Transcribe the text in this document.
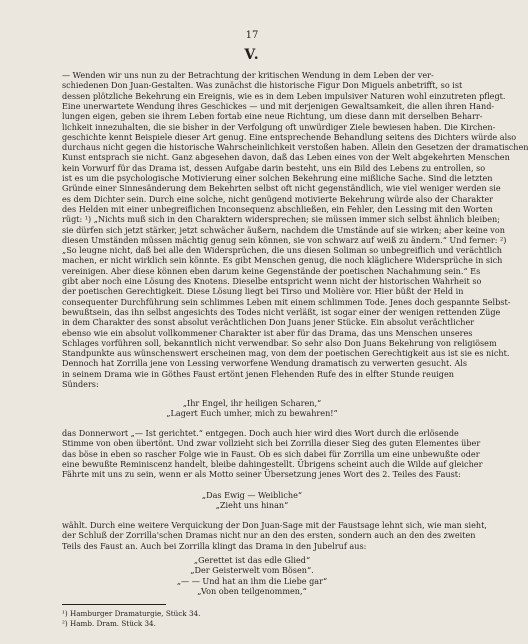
17
V.
— Wenden wir uns nun zu der Betrachtung der kritischen Wendung in dem Leben der ver-
schiedenen Don Juan-Gestalten. Was zunächst die historische Figur Don Miguels anbetrifft, so ist
dessen plötzliche Bekehrung ein Ereignis, wie es in dem Leben impulsiver Naturen wohl einzutreten pflegt.
Eine unerwartete Wendung ihres Geschickes — und mit derjenigen Gewaltsamkeit, die allen ihren Hand-
lungen eigen, geben sie ihrem Leben fortab eine neue Richtung, um diese dann mit derselben Beharr-
lichkeit innezuhalten, die sie bisher in der Verfolgung oft unwürdiger Ziele bewiesen haben. Die Kirchen-
geschichte kennt Beispiele dieser Art genug. Eine entsprechende Behandlung seitens des Dichters würde also
durchaus nicht gegen die historische Wahrscheinlichkeit verstoßen haben. Allein den Gesetzen der dramatischen
Kunst entsprach sie nicht. Ganz abgesehen davon, daß das Leben eines von der Welt abgekehrten Menschen
kein Vorwurf für das Drama ist, dessen Aufgabe darin besteht, uns ein Bild des Lebens zu entrollen, so
ist es um die psychologische Motivierung einer solchen Bekehrung eine mißliche Sache. Sind die letzten
Gründe einer Sinnesänderung dem Bekehrten selbst oft nicht gegenständlich, wie viel weniger werden sie
es dem Dichter sein. Durch eine solche, nicht genügend motivierte Bekehrung würde also der Charakter
des Helden mit einer unbegreiflichen Inconsequenz abschließen, ein Fehler, den Lessing mit den Worten
rügt: ¹) „Nichts muß sich in den Charaktern widersprechen; sie müssen immer sich selbst ähnlich bleiben;
sie dürfen sich jetzt stärker, jetzt schwächer äußern, nachdem die Umstände auf sie wirken; aber keine von
diesen Umständen müssen mächtig genug sein können, sie von schwarz auf weiß zu ändern.“ Und ferner: ²)
„So leugne nicht, daß bei alle den Widersprüchen, die uns diesen Soliman so unbegreiflich und verächtlich
machen, er nicht wirklich sein könnte. Es gibt Menschen genug, die noch kläglichere Widersprüche in sich
vereinigen. Aber diese können eben darum keine Gegenstände der poetischen Nachahmung sein.“ Es
gibt aber noch eine Lösung des Knotens. Dieselbe entspricht wenn nicht der historischen Wahrheit so
der poetischen Gerechtigkeit. Diese Lösung liegt bei Tirso und Molière vor. Hier büßt der Held in
consequenter Durchführung sein schlimmes Leben mit einem schlimmen Tode. Jenes doch gespannte Selbst-
bewußtsein, das ihn selbst angesichts des Todes nicht verläßt, ist sogar einer der wenigen rettenden Züge
in dem Charakter des sonst absolut verächtlichen Don Juans jener Stücke. Ein absolut verächtlicher
ebenso wie ein absolut vollkommener Charakter ist aber für das Drama, das uns Menschen unseres
Schlages vorführen soll, bekanntlich nicht verwendbar. So sehr also Don Juans Bekehrung von religiösem
Standpunkte aus wünschenswert erscheinen mag, von dem der poetischen Gerechtigkeit aus ist sie es nicht.
Dennoch hat Zorrilla jene von Lessing verworfene Wendung dramatisch zu verwerten gesucht. Als
in seinem Drama wie in Göthes Faust ertönt jenen Flehenden Rufe des in elfter Stunde reuigen
Sünders:
„Ihr Engel, ihr heiligen Scharen,“
„Lagert Euch umher, mich zu bewahren!“
das Donnerwort „— Ist gerichtet.“ entgegen. Doch auch hier wird dies Wort durch die erlösende
Stimme von oben übertönt. Und zwar vollzieht sich bei Zorrilla dieser Sieg des guten Elementes über
das böse in eben so rascher Folge wie in Faust. Ob es sich dabei für Zorrilla um eine unbewußte oder
eine bewußte Reminiscenz handelt, bleibe dahingestellt. Übrigens scheint auch die Wilde auf gleicher
Fährte mit uns zu sein, wenn er als Motto seiner Übersetzung jenes Wort des 2. Teiles des Faust:
„Das Ewig — Weibliche“
„Zieht uns hinan“
wählt. Durch eine weitere Verquickung der Don Juan-Sage mit der Faustsage lehnt sich, wie man sieht,
der Schluß der Zorrilla'schen Dramas nicht nur an den des ersten, sondern auch an den des zweiten
Teils des Faust an. Auch bei Zorrilla klingt das Drama in den Jubelruf aus:
„Gerettet ist das edle Glied“
„Der Geisterwelt vom Bösen“.
„— — Und hat an ihm die Liebe gar“
„Von oben teilgenommen,“
¹) Hamburger Dramaturgie, Stück 34.
²) Hamb. Dram. Stück 34.
